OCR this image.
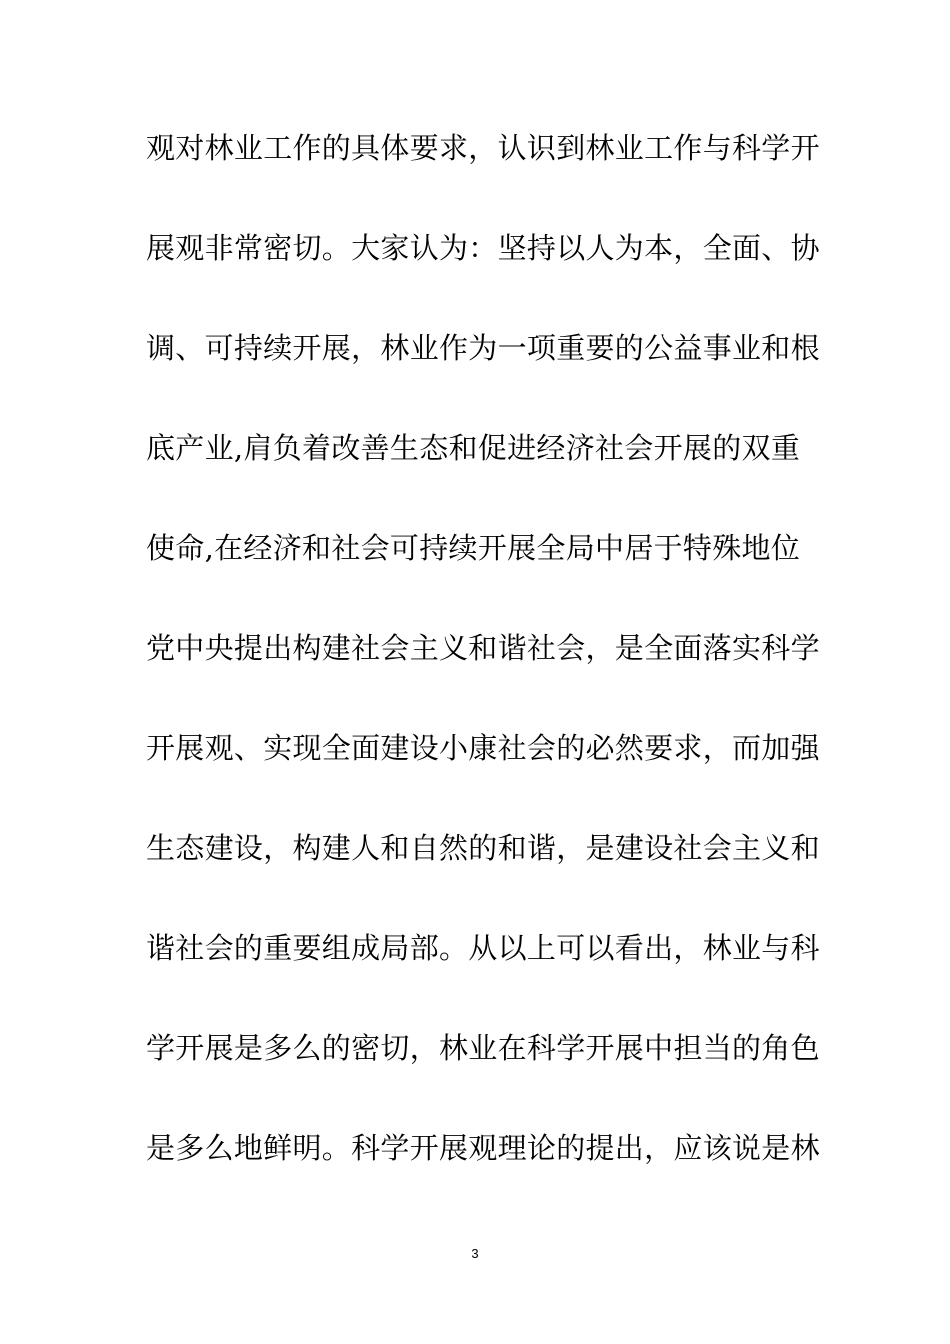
观对林业工作的具体要求，认识到林业工作与科学开
展观非常密切。大家认为：坚持以人为本，全面、协
调、可持续开展，林业作为一项重要的公益事业和根
底产业,肩负着改善生态和促进经济社会开展的双重
使命,在经济和社会可持续开展全局中居于特殊地位
党中央提出构建社会主义和谐社会，是全面落实科学
开展观、实现全面建设小康社会的必然要求，而加强
生态建设，构建人和自然的和谐，是建设社会主义和
谐社会的重要组成局部。从以上可以看出，林业与科
学开展是多么的密切，林业在科学开展中担当的角色
是多么地鲜明。科学开展观理论的提出，应该说是林
3
